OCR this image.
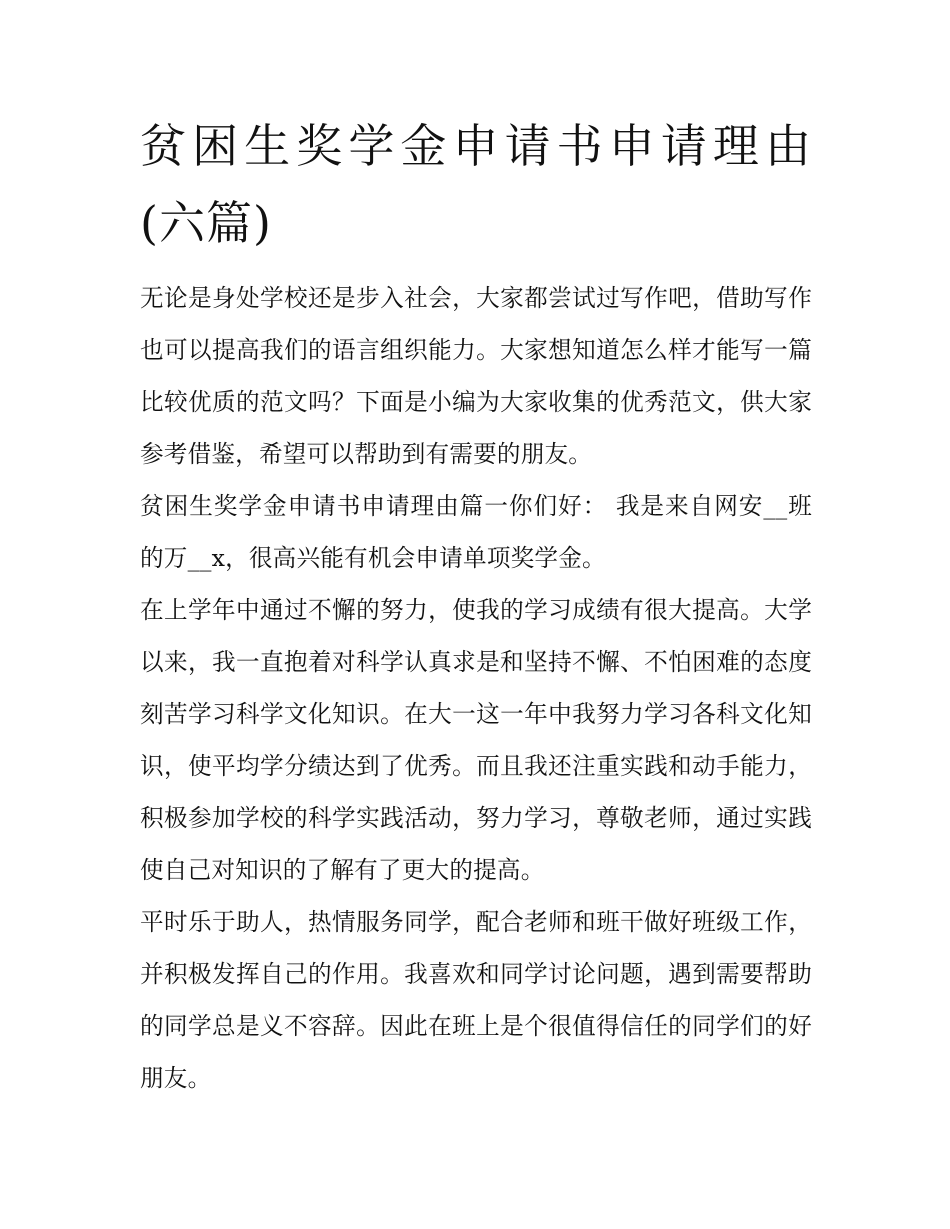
贫困生奖学金申请书申请理由(六篇)

无论是身处学校还是步入社会，大家都尝试过写作吧，借助写作也可以提高我们的语言组织能力。大家想知道怎么样才能写一篇比较优质的范文吗？下面是小编为大家收集的优秀范文，供大家参考借鉴，希望可以帮助到有需要的朋友。

贫困生奖学金申请书申请理由篇一你们好： 我是来自网安__班的万__x，很高兴能有机会申请单项奖学金。

在上学年中通过不懈的努力，使我的学习成绩有很大提高。大学以来，我一直抱着对科学认真求是和坚持不懈、不怕困难的态度刻苦学习科学文化知识。在大一这一年中我努力学习各科文化知识，使平均学分绩达到了优秀。而且我还注重实践和动手能力，积极参加学校的科学实践活动，努力学习，尊敬老师，通过实践使自己对知识的了解有了更大的提高。

平时乐于助人，热情服务同学，配合老师和班干做好班级工作，并积极发挥自己的作用。我喜欢和同学讨论问题，遇到需要帮助的同学总是义不容辞。因此在班上是个很值得信任的同学们的好朋友。
